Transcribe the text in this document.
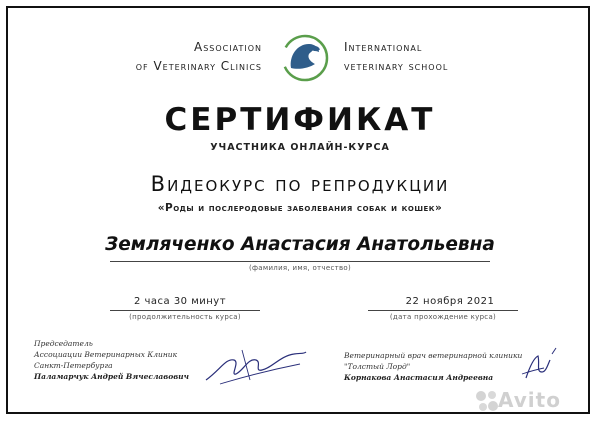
Association
of Veterinary Clinics
International
veterinary school
СЕРТИФИКАТ
УЧАСТНИКА ОНЛАЙН-КУРСА
Видеокурс по репродукции
«Роды и послеродовые заболевания собак и кошек»
Земляченко Анастасия Анатольевна
(фамилия, имя, отчество)
2 часа 30 минут
(продолжительность курса)
22 ноября 2021
(дата прохождение курса)
Председатель
Ассоциации Ветеринарных Клиник
Санкт-Петербурга
Паламарчук Андрей Вячеславович
Ветеринарный врач ветеринарной клиники
"Толстый Лорд"
Корнакова Анастасия Андреевна
Avito
